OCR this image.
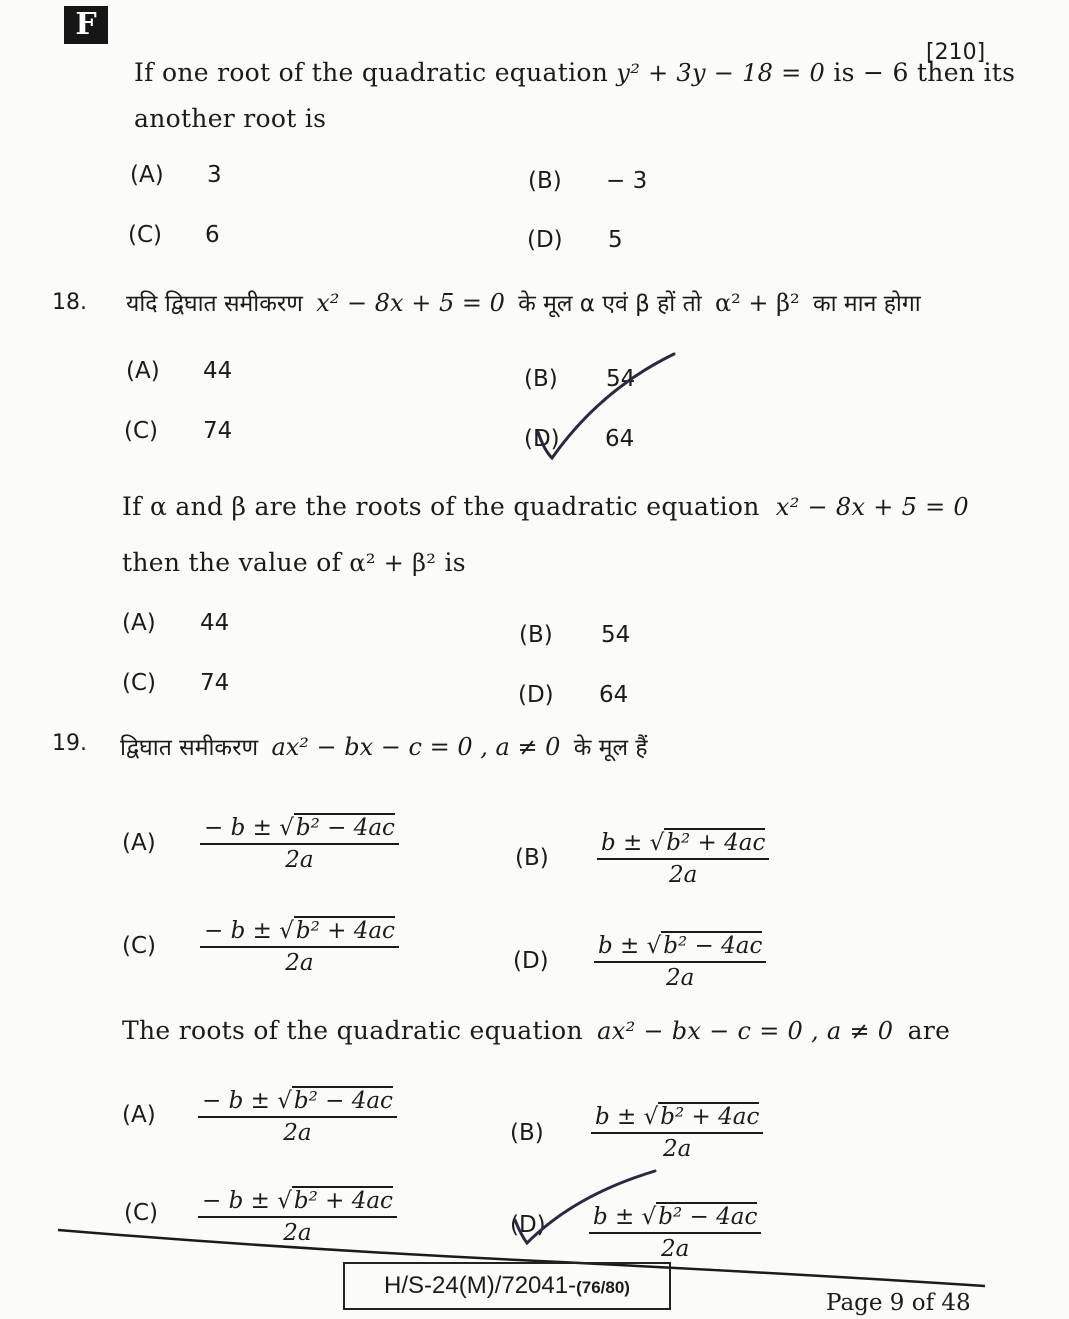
F
[210]
If one root of the quadratic equation y² + 3y − 18 = 0 is − 6 then its
another root is
(A) 3	(B) − 3
(C) 6	(D) 5
18. यदि द्विघात समीकरण x² − 8x + 5 = 0 के मूल α एवं β हों तो α² + β² का मान होगा
(A) 44	(B) 54
(C) 74	(D) 64
If α and β are the roots of the quadratic equation x² − 8x + 5 = 0
then the value of α² + β² is
(A) 44	(B) 54
(C) 74	(D) 64
19. द्विघात समीकरण ax² − bx − c = 0 , a ≠ 0 के मूल हैं
$(A) \frac{\text{− b ± √b² − 4ac}}{2a}$	$(B) \frac{\text{b ± √b² + 4ac}}{2a}$
$(C) \frac{\text{− b ± √b² + 4ac}}{2a}$	$(D) \frac{\text{b ± √b² − 4ac}}{2a}$
The roots of the quadratic equation ax² − bx − c = 0 , a ≠ 0 are
$(A) \frac{\text{− b ± √b² − 4ac}}{2a}$	$(B) \frac{\text{b ± √b² + 4ac}}{2a}$
$(C) \frac{\text{− b ± √b² + 4ac}}{2a}$	$(D) \frac{\text{b ± √b² − 4ac}}{2a}$
H/S-24(M)/72041-(76/80)
Page 9 of 48
